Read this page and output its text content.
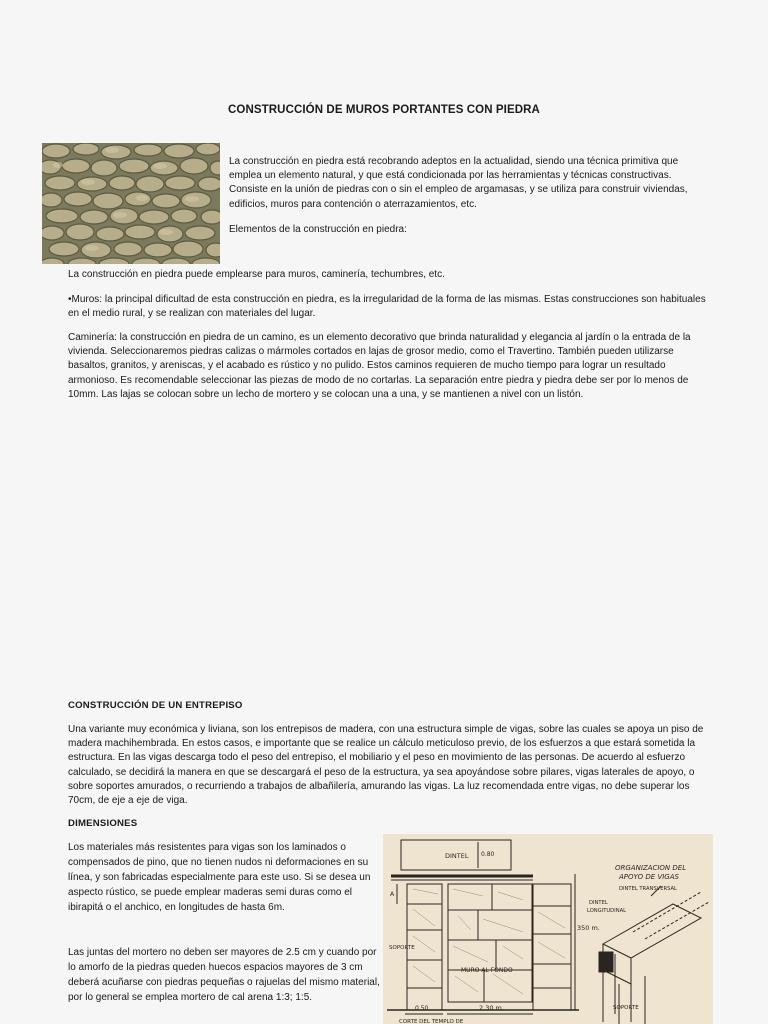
CONSTRUCCIÓN DE MUROS PORTANTES CON PIEDRA

La construcción en piedra está recobrando adeptos en la actualidad, siendo una técnica primitiva que emplea un elemento natural, y que está condicionada por las herramientas y técnicas constructivas. Consiste en la unión de piedras con o sin el empleo de argamasas, y se utiliza para construir viviendas, edificios, muros para contención o aterrazamientos, etc.

Elementos de la construcción en piedra:

La construcción en piedra puede emplearse para muros, caminería, techumbres, etc.

•Muros: la principal dificultad de esta construcción en piedra, es la irregularidad de la forma de las mismas. Estas construcciones son habituales en el medio rural, y se realizan con materiales del lugar.

Caminería: la construcción en piedra de un camino, es un elemento decorativo que brinda naturalidad y elegancia al jardín o la entrada de la vivienda. Seleccionaremos piedras calizas o mármoles cortados en lajas de grosor medio, como el Travertino. También pueden utilizarse basaltos, granitos, y areniscas, y el acabado es rústico y no pulido. Estos caminos requieren de mucho tiempo para lograr un resultado armonioso. Es recomendable seleccionar las piezas de modo de no cortarlas. La separación entre piedra y piedra debe ser por lo menos de 10mm. Las lajas se colocan sobre un lecho de mortero y se colocan una a una, y se mantienen a nivel con un listón.

CONSTRUCCIÓN DE UN ENTREPISO

Una variante muy económica y liviana, son los entrepisos de madera, con una estructura simple de vigas, sobre las cuales se apoya un piso de madera machihembrada. En estos casos, e importante que se realice un cálculo meticuloso previo, de los esfuerzos a que estará sometida la estructura. En las vigas descarga todo el peso del entrepiso, el mobiliario y el peso en movimiento de las personas. De acuerdo al esfuerzo calculado, se decidirá la manera en que se descargará el peso de la estructura, ya sea apoyándose sobre pilares, vigas laterales de apoyo, o sobre soportes amurados, o recurriendo a trabajos de albañilería, amurando las vigas. La luz recomendada entre vigas, no debe superar los 70cm, de eje a eje de viga.

DIMENSIONES

Los materiales más resistentes para vigas son los laminados o compensados de pino, que no tienen nudos ni deformaciones en su línea, y son fabricadas especialmente para este uso. Si se desea un aspecto rústico, se puede emplear maderas semi duras como el ibirapitá o el anchico, en longitudes de hasta 6m.

Las juntas del mortero no deben ser mayores de 2.5 cm y cuando por lo amorfo de la piedras queden huecos espacios mayores de 3 cm deberá acuñarse con piedras pequeñas o rajuelas del mismo material, por lo general se emplea mortero de cal arena 1:3; 1:5.

DINTEL 0.80
ORGANIZACION DEL
APOYO DE VIGAS
DINTEL TRANSVERSAL
DINTEL
LONGITUDINAL
350 m.
SOPORTE
MURO AL FONDO
0.50	2.30 m.	SOPORTE
CORTE DEL TEMPLO DE
A
